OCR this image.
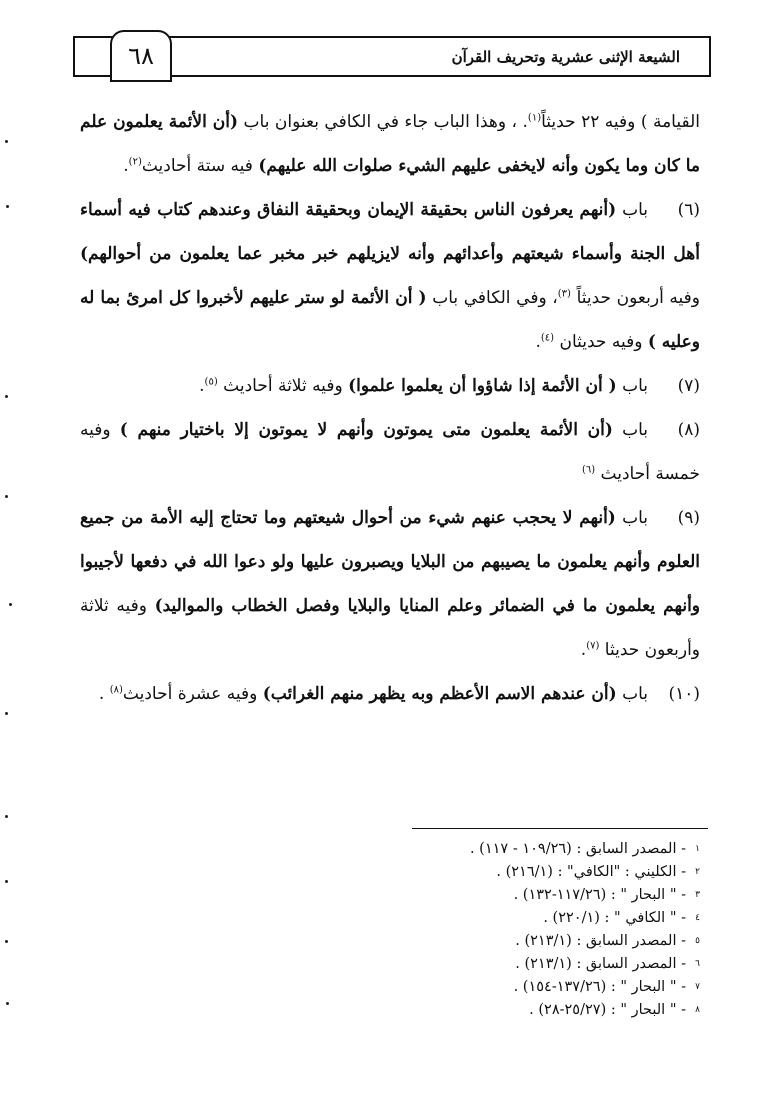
الشيعة الإثنى عشرية وتحريف القرآن
٦٨

القيامة ) وفيه ٢٢ حديثاً$^{(١)}$. ، وهذا الباب جاء في الكافي بعنوان باب (أن الأئمة يعلمون علم ما كان وما يكون وأنه لايخفى عليهم الشيء صلوات الله عليهم) فيه ستة أحاديث$^{(٢)}$.

(٦)باب (أنهم يعرفون الناس بحقيقة الإيمان وبحقيقة النفاق وعندهم كتاب فيه أسماء أهل الجنة وأسماء شيعتهم وأعدائهم وأنه لايزيلهم خبر مخبر عما يعلمون من أحوالهم) وفيه أربعون حديثاً $^{(٣)}$، وفي الكافي باب ( أن الأئمة لو ستر عليهم لأخبروا كل امرئ بما له وعليه ) وفيه حديثان $^{(٤)}$.

(٧)باب ( أن الأئمة إذا شاؤوا أن يعلموا علموا) وفيه ثلاثة أحاديث $^{(٥)}$.

(٨)باب (أن الأئمة يعلمون متى يموتون وأنهم لا يموتون إلا باختيار منهم ) وفيه خمسة أحاديث $^{(٦)}$

(٩)باب (أنهم لا يحجب عنهم شيء من أحوال شيعتهم وما تحتاج إليه الأمة من جميع العلوم وأنهم يعلمون ما يصيبهم من البلايا ويصبرون عليها ولو دعوا الله في دفعها لأجيبوا وأنهم يعلمون ما في الضمائر وعلم المنايا والبلايا وفصل الخطاب والمواليد) وفيه ثلاثة وأربعون حديثا $^{(٧)}$.

(١٠)باب (أن عندهم الاسم الأعظم وبه يظهر منهم الغرائب) وفيه عشرة أحاديث$^{(٨)}$ .

١- المصدر السابق : (١٠٩/٢٦ - ١١٧) .
٢- الكليني : "الكافي" : (٢١٦/١) .
٣- " البحار " : (١١٧/٢٦-١٣٢) .
٤- " الكافي " : (٢٢٠/١) .
٥- المصدر السابق : (٢١٣/١) .
٦- المصدر السابق : (٢١٣/١) .
٧- " البحار " : (١٣٧/٢٦-١٥٤) .
٨- " البحار " : (٢٥/٢٧-٢٨) .
